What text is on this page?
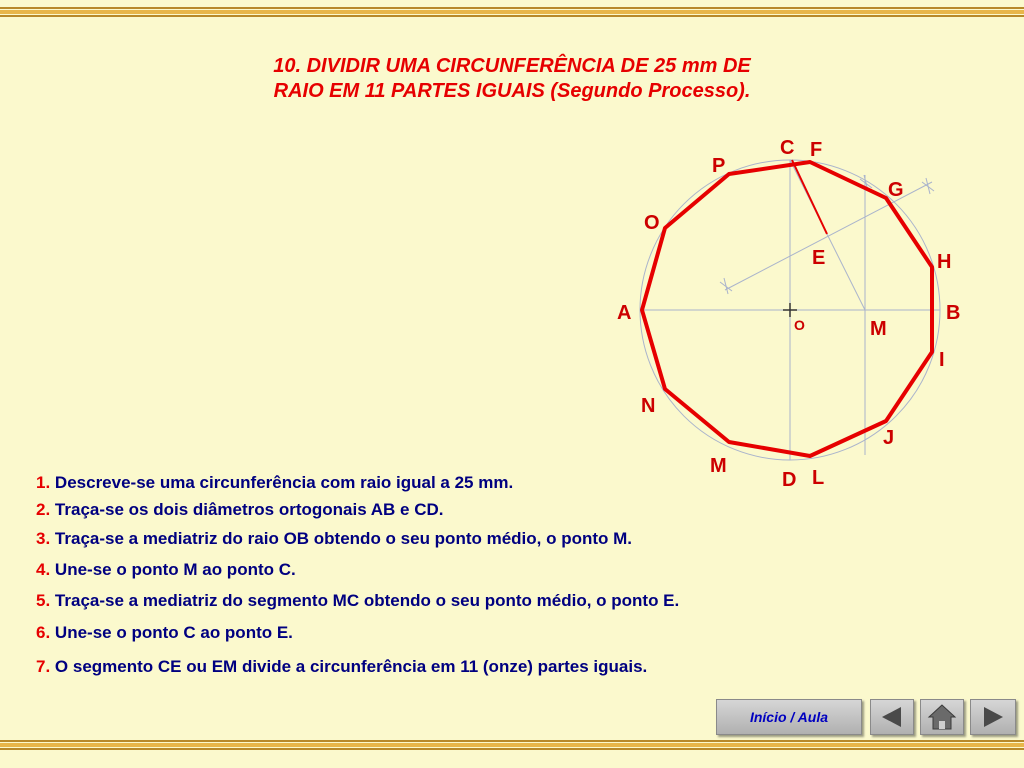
10. DIVIDIR UMA CIRCUNFERÊNCIA DE 25 mm DE
RAIO EM 11 PARTES IGUAIS (Segundo Processo).
C F
P
G
O
E	H
A	B
M
I
N
J
M
D L
O
1. Descreve-se uma circunferência com raio igual a 25 mm.
2. Traça-se os dois diâmetros ortogonais AB e CD.
3. Traça-se a mediatriz do raio OB obtendo o seu ponto médio, o ponto M.
4. Une-se o ponto M ao ponto C.
5. Traça-se a mediatriz do segmento MC obtendo o seu ponto médio, o ponto E.
6. Une-se o ponto C ao ponto E.
7. O segmento CE ou EM divide a circunferência em 11 (onze) partes iguais.
Início / Aula
